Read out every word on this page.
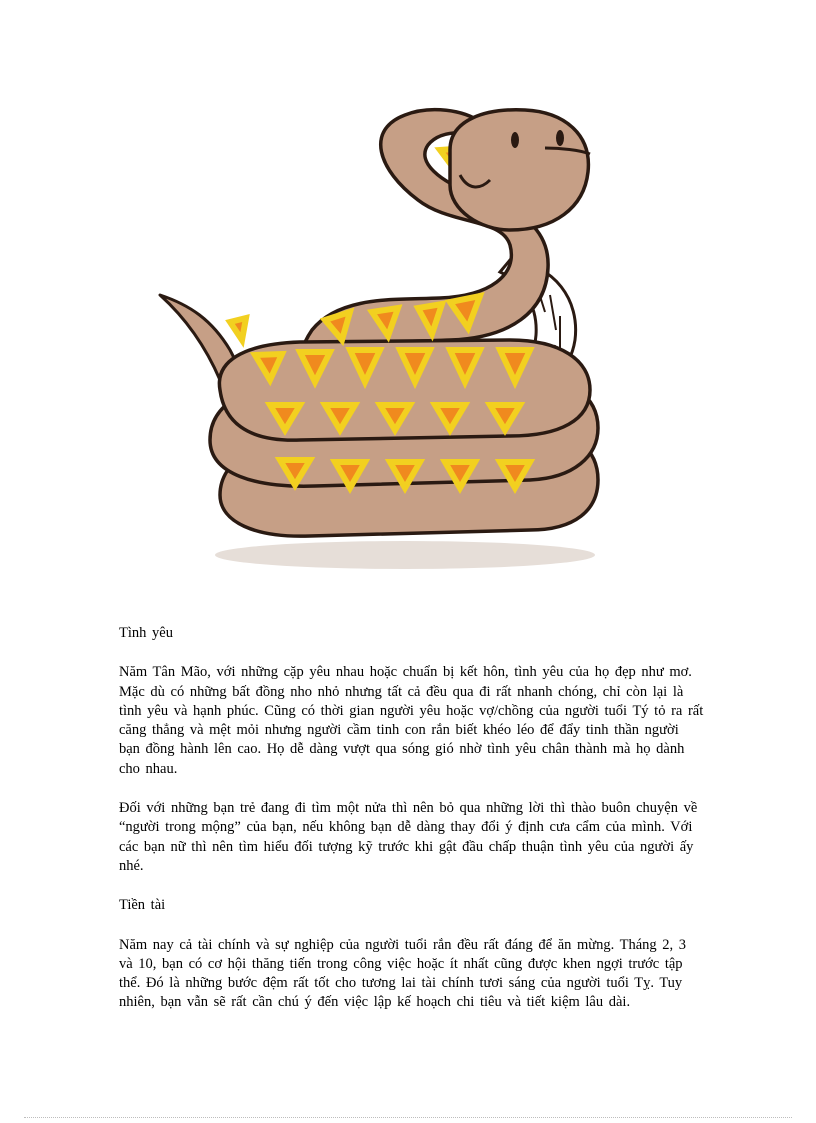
Tình yêu

Năm Tân Mão, với những cặp yêu nhau hoặc chuẩn bị kết hôn, tình yêu của họ đẹp như mơ. Mặc dù có những bất đồng nho nhỏ nhưng tất cả đều qua đi rất nhanh chóng, chỉ còn lại là tình yêu và hạnh phúc. Cũng có thời gian người yêu hoặc vợ/chồng của người tuổi Tý tỏ ra rất căng thẳng và mệt mỏi nhưng người cầm tinh con rắn biết khéo léo để đẩy tinh thần người bạn đồng hành lên cao. Họ dễ dàng vượt qua sóng gió nhờ tình yêu chân thành mà họ dành cho nhau.

Đối với những bạn trẻ đang đi tìm một nửa thì nên bỏ qua những lời thì thào buôn chuyện về “người trong mộng” của bạn, nếu không bạn dễ dàng thay đổi ý định cưa cẩm của mình. Với các bạn nữ thì nên tìm hiểu đối tượng kỹ trước khi gật đầu chấp thuận tình yêu của người ấy nhé.

Tiền tài

Năm nay cả tài chính và sự nghiệp của người tuổi rắn đều rất đáng để ăn mừng. Tháng 2, 3 và 10, bạn có cơ hội thăng tiến trong công việc hoặc ít nhất cũng được khen ngợi trước tập thể. Đó là những bước đệm rất tốt cho tương lai tài chính tươi sáng của người tuổi Tỵ. Tuy nhiên, bạn vẫn sẽ rất cần chú ý đến việc lập kế hoạch chi tiêu và tiết kiệm lâu dài.
